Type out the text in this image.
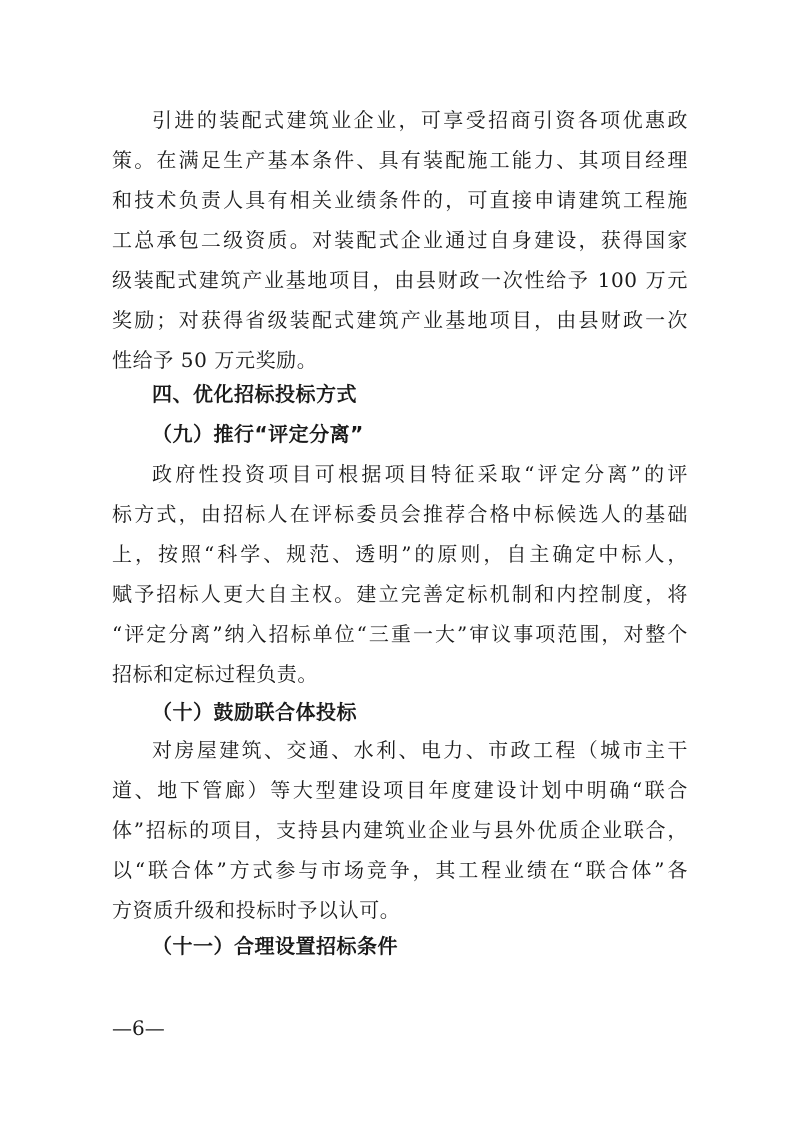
引进的装配式建筑业企业，可享受招商引资各项优惠政
策。在满足生产基本条件、具有装配施工能力、其项目经理
和技术负责人具有相关业绩条件的，可直接申请建筑工程施
工总承包二级资质。对装配式企业通过自身建设，获得国家
级装配式建筑产业基地项目，由县财政一次性给予 100 万元
奖励；对获得省级装配式建筑产业基地项目，由县财政一次
性给予 50 万元奖励。
四、优化招标投标方式
（九）推行“评定分离”
政府性投资项目可根据项目特征采取“评定分离”的评
标方式，由招标人在评标委员会推荐合格中标候选人的基础
上，按照“科学、规范、透明”的原则，自主确定中标人，
赋予招标人更大自主权。建立完善定标机制和内控制度，将
“评定分离”纳入招标单位“三重一大”审议事项范围，对整个
招标和定标过程负责。
（十）鼓励联合体投标
对房屋建筑、交通、水利、电力、市政工程（城市主干
道、地下管廊）等大型建设项目年度建设计划中明确“联合
体”招标的项目，支持县内建筑业企业与县外优质企业联合，
以“联合体”方式参与市场竞争，其工程业绩在“联合体”各
方资质升级和投标时予以认可。
（十一）合理设置招标条件
—6—
